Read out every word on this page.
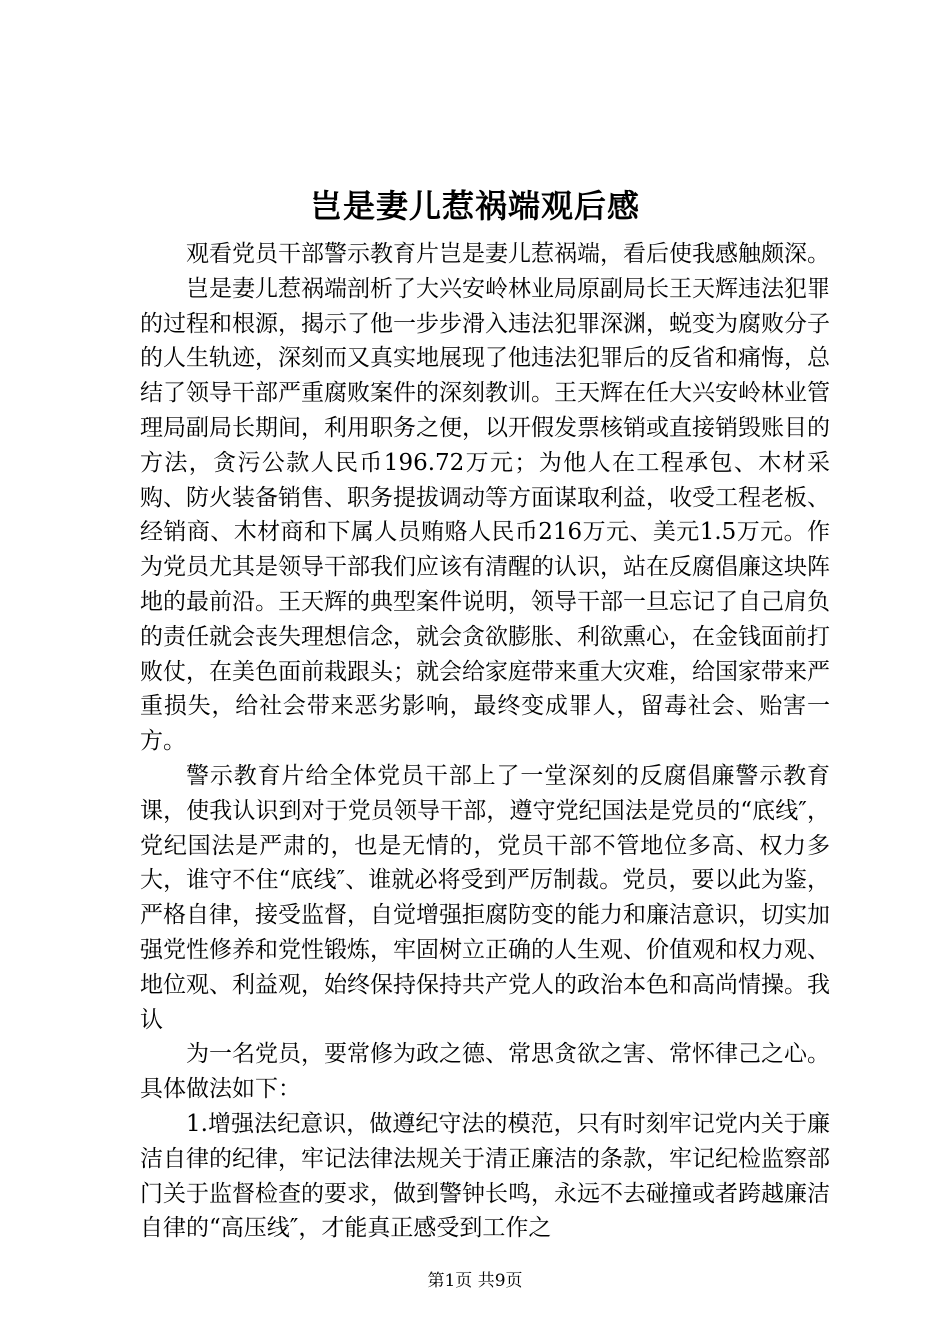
岂是妻儿惹祸端观后感

观看党员干部警示教育片岂是妻儿惹祸端，看后使我感触颇深。

岂是妻儿惹祸端剖析了大兴安岭林业局原副局长王天辉违法犯罪的过程和根源，揭示了他一步步滑入违法犯罪深渊，蜕变为腐败分子的人生轨迹，深刻而又真实地展现了他违法犯罪后的反省和痛悔，总结了领导干部严重腐败案件的深刻教训。王天辉在任大兴安岭林业管理局副局长期间，利用职务之便，以开假发票核销或直接销毁账目的方法，贪污公款人民币196.72万元；为他人在工程承包、木材采购、防火装备销售、职务提拔调动等方面谋取利益，收受工程老板、经销商、木材商和下属人员贿赂人民币216万元、美元1.5万元。作为党员尤其是领导干部我们应该有清醒的认识，站在反腐倡廉这块阵地的最前沿。王天辉的典型案件说明，领导干部一旦忘记了自己肩负的责任就会丧失理想信念，就会贪欲膨胀、利欲熏心，在金钱面前打败仗，在美色面前栽跟头；就会给家庭带来重大灾难，给国家带来严重损失，给社会带来恶劣影响，最终变成罪人，留毒社会、贻害一方。

警示教育片给全体党员干部上了一堂深刻的反腐倡廉警示教育课，使我认识到对于党员领导干部，遵守党纪国法是党员的“底线″，党纪国法是严肃的，也是无情的，党员干部不管地位多高、权力多大，谁守不住“底线″、谁就必将受到严厉制裁。党员，要以此为鉴，严格自律，接受监督，自觉增强拒腐防变的能力和廉洁意识，切实加强党性修养和党性锻炼，牢固树立正确的人生观、价值观和权力观、地位观、利益观，始终保持保持共产党人的政治本色和高尚情操。我认

为一名党员，要常修为政之德、常思贪欲之害、常怀律己之心。具体做法如下：

1.增强法纪意识，做遵纪守法的模范，只有时刻牢记党内关于廉洁自律的纪律，牢记法律法规关于清正廉洁的条款，牢记纪检监察部门关于监督检查的要求，做到警钟长鸣，永远不去碰撞或者跨越廉洁自律的“高压线″，才能真正感受到工作之

第1页 共9页
